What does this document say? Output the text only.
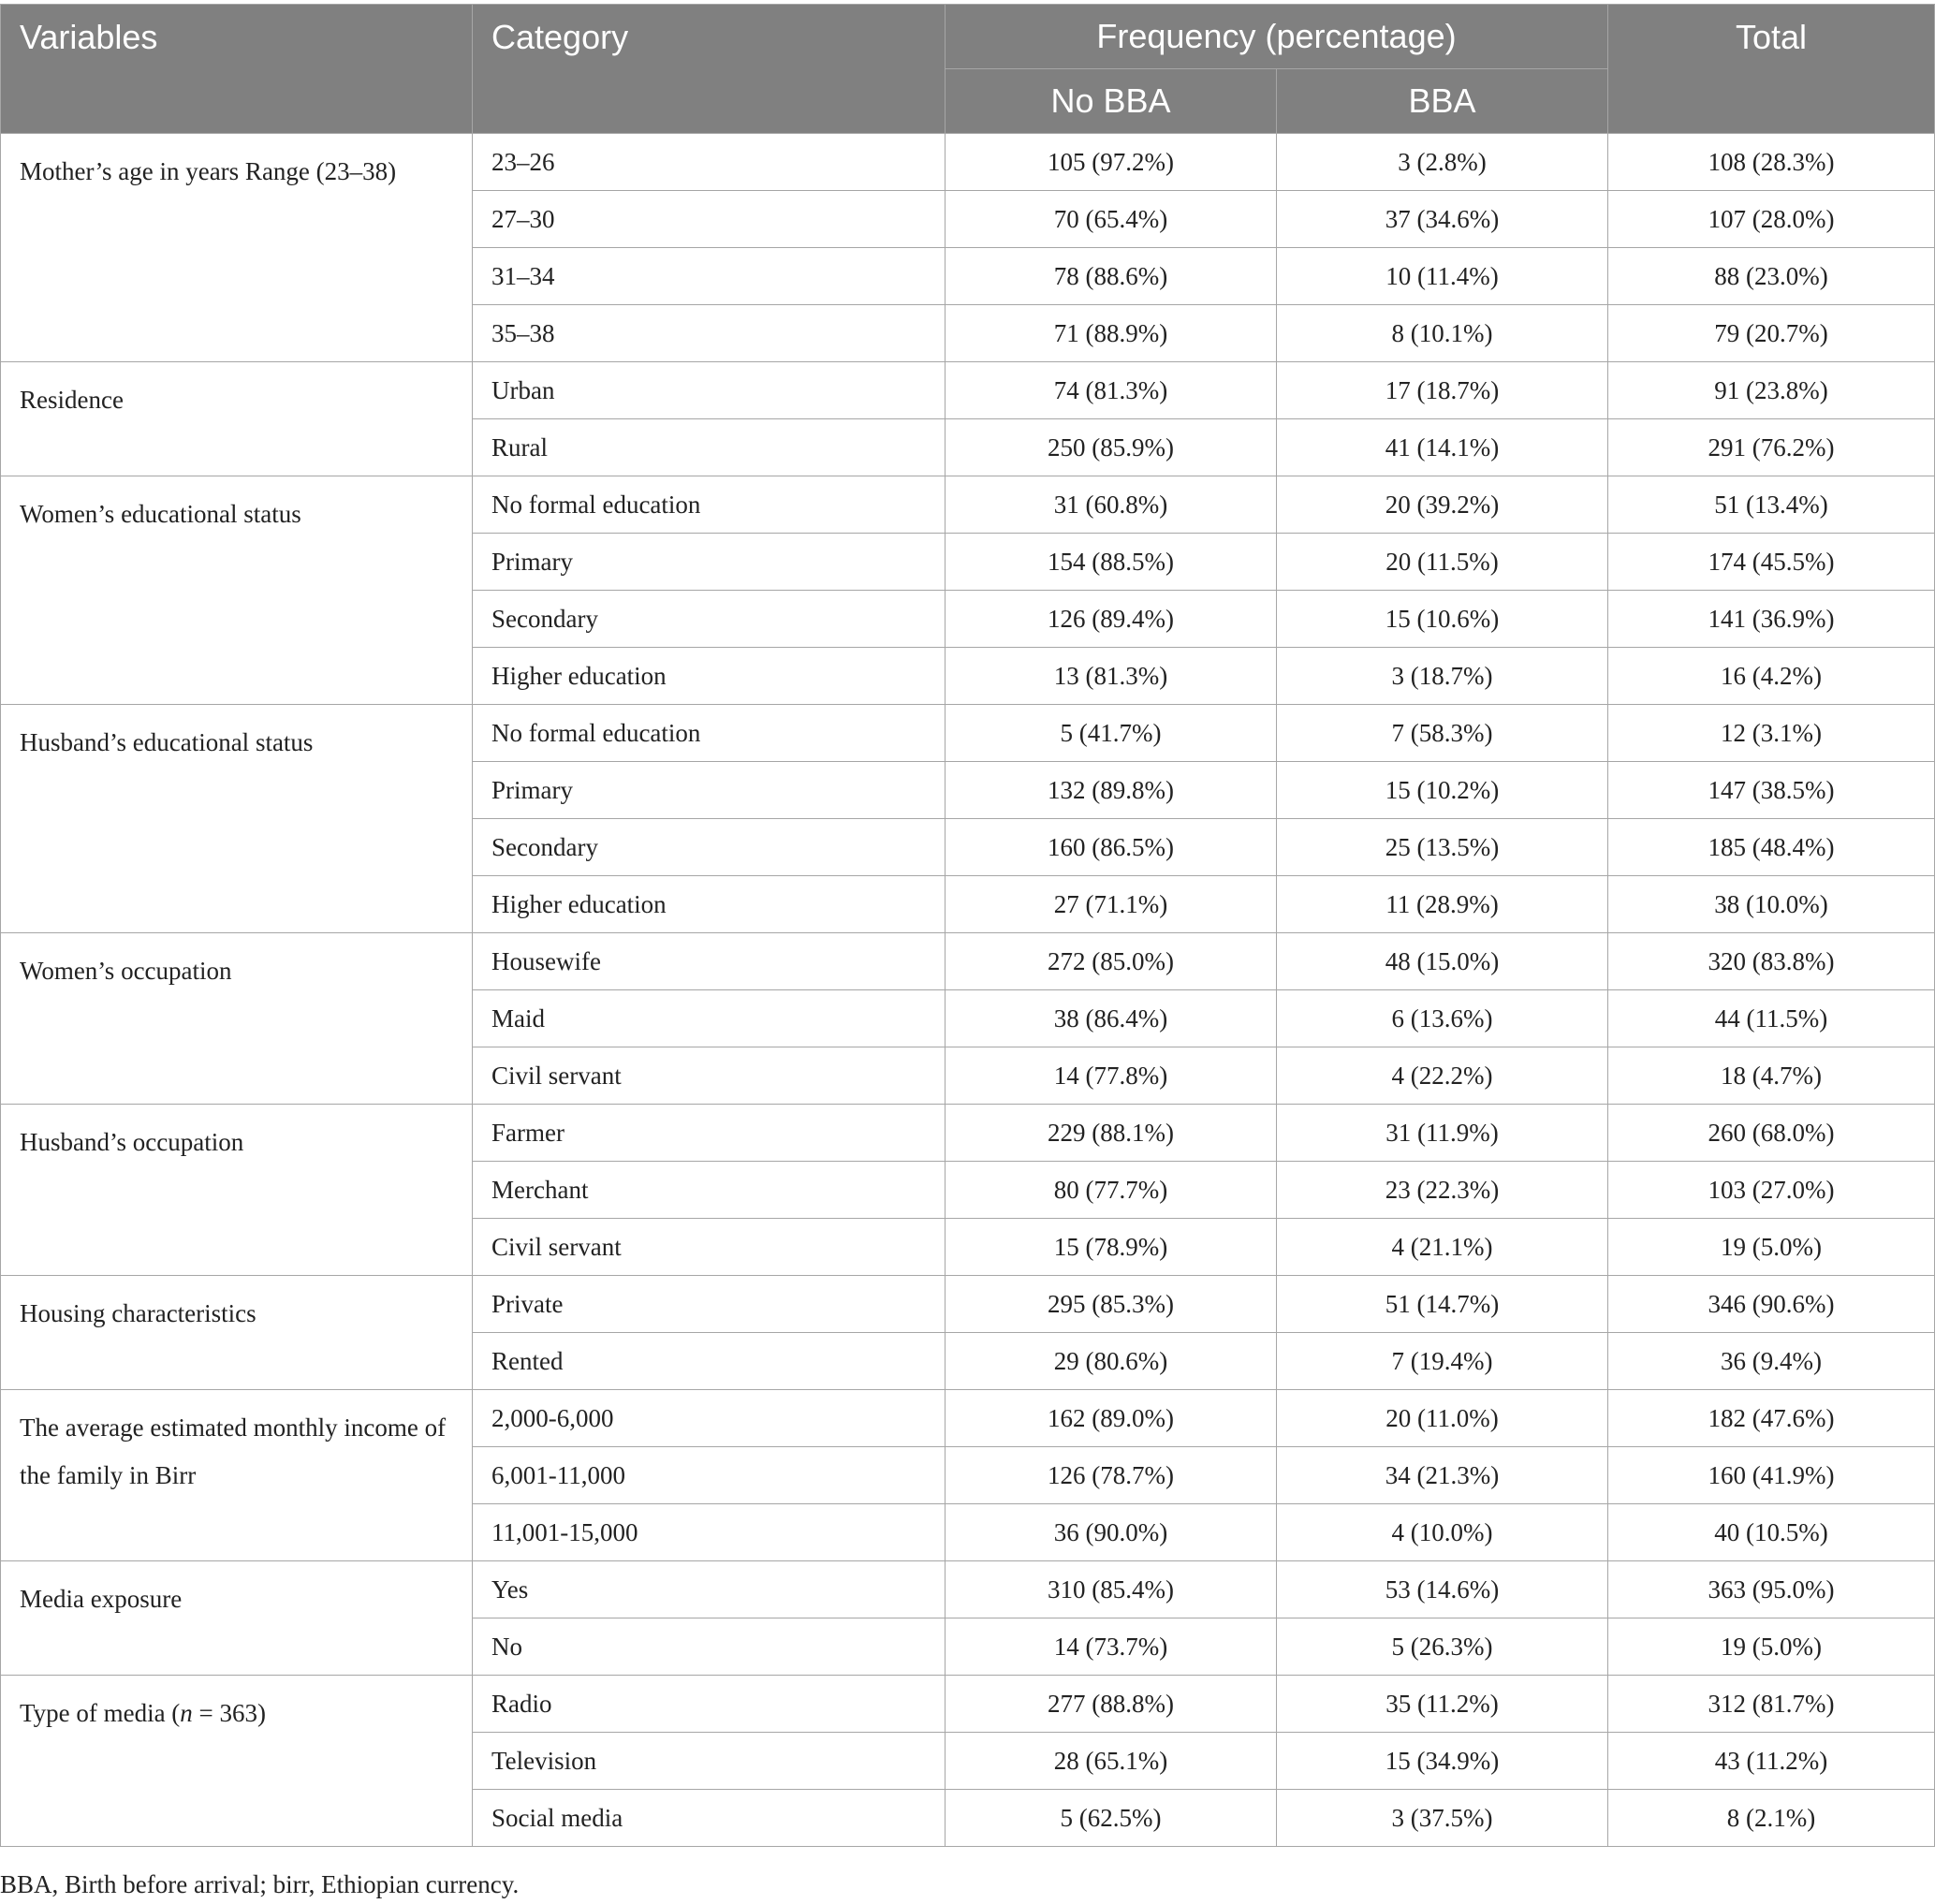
Variables	Category	Frequency (percentage)		Total
		No BBA	BBA	
Mother’s age in years Range (23–38)	23–26	105 (97.2%)	3 (2.8%)	108 (28.3%)
	27–30	70 (65.4%)	37 (34.6%)	107 (28.0%)
	31–34	78 (88.6%)	10 (11.4%)	88 (23.0%)
	35–38	71 (88.9%)	8 (10.1%)	79 (20.7%)
Residence	Urban	74 (81.3%)	17 (18.7%)	91 (23.8%)
	Rural	250 (85.9%)	41 (14.1%)	291 (76.2%)
Women’s educational status	No formal education	31 (60.8%)	20 (39.2%)	51 (13.4%)
	Primary	154 (88.5%)	20 (11.5%)	174 (45.5%)
	Secondary	126 (89.4%)	15 (10.6%)	141 (36.9%)
	Higher education	13 (81.3%)	3 (18.7%)	16 (4.2%)
Husband’s educational status	No formal education	5 (41.7%)	7 (58.3%)	12 (3.1%)
	Primary	132 (89.8%)	15 (10.2%)	147 (38.5%)
	Secondary	160 (86.5%)	25 (13.5%)	185 (48.4%)
	Higher education	27 (71.1%)	11 (28.9%)	38 (10.0%)
Women’s occupation	Housewife	272 (85.0%)	48 (15.0%)	320 (83.8%)
	Maid	38 (86.4%)	6 (13.6%)	44 (11.5%)
	Civil servant	14 (77.8%)	4 (22.2%)	18 (4.7%)
Husband’s occupation	Farmer	229 (88.1%)	31 (11.9%)	260 (68.0%)
	Merchant	80 (77.7%)	23 (22.3%)	103 (27.0%)
	Civil servant	15 (78.9%)	4 (21.1%)	19 (5.0%)
Housing characteristics	Private	295 (85.3%)	51 (14.7%)	346 (90.6%)
	Rented	29 (80.6%)	7 (19.4%)	36 (9.4%)
The average estimated monthly income of the family in Birr	2,000-6,000	162 (89.0%)	20 (11.0%)	182 (47.6%)
	6,001-11,000	126 (78.7%)	34 (21.3%)	160 (41.9%)
	11,001-15,000	36 (90.0%)	4 (10.0%)	40 (10.5%)
Media exposure	Yes	310 (85.4%)	53 (14.6%)	363 (95.0%)
	No	14 (73.7%)	5 (26.3%)	19 (5.0%)
Type of media (n = 363)	Radio	277 (88.8%)	35 (11.2%)	312 (81.7%)
	Television	28 (65.1%)	15 (34.9%)	43 (11.2%)
	Social media	5 (62.5%)	3 (37.5%)	8 (2.1%)
BBA, Birth before arrival; birr, Ethiopian currency.
